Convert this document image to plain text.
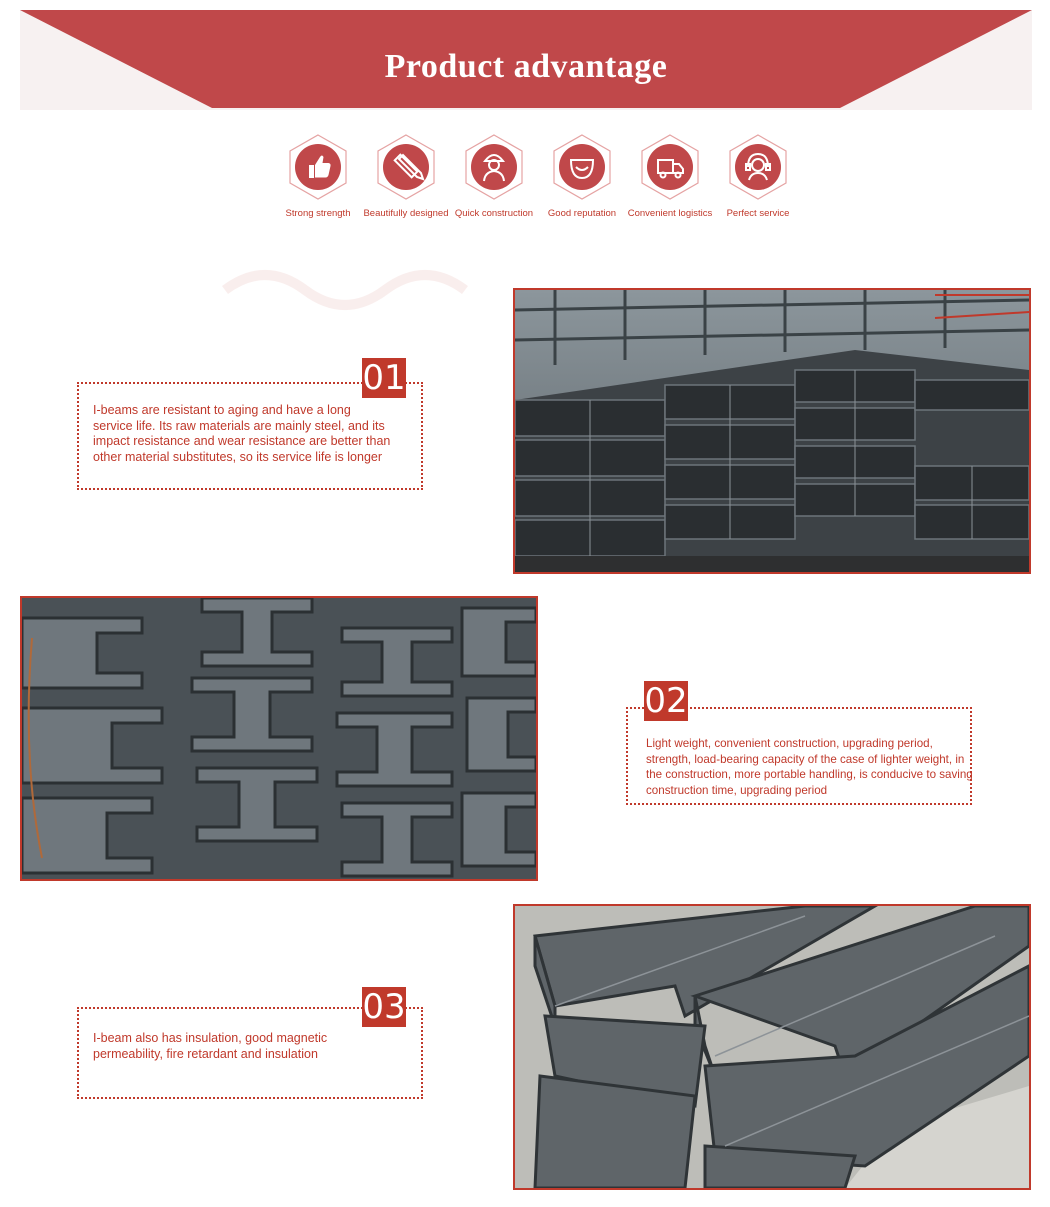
Product advantage
Strong strength	Beautifully designed Quick construction	Good reputation	Convenient logistics	Perfect service
01
I-beams are resistant to aging and have a long service life. Its raw materials are mainly steel, and its impact resistance and wear resistance are better than other material substitutes, so its service life is longer
02
Light weight, convenient construction, upgrading period, strength, load-bearing capacity of the case of lighter weight, in the construction, more portable handling, is conducive to saving construction time, upgrading period
03
I-beam also has insulation, good magnetic permeability, fire retardant and insulation
